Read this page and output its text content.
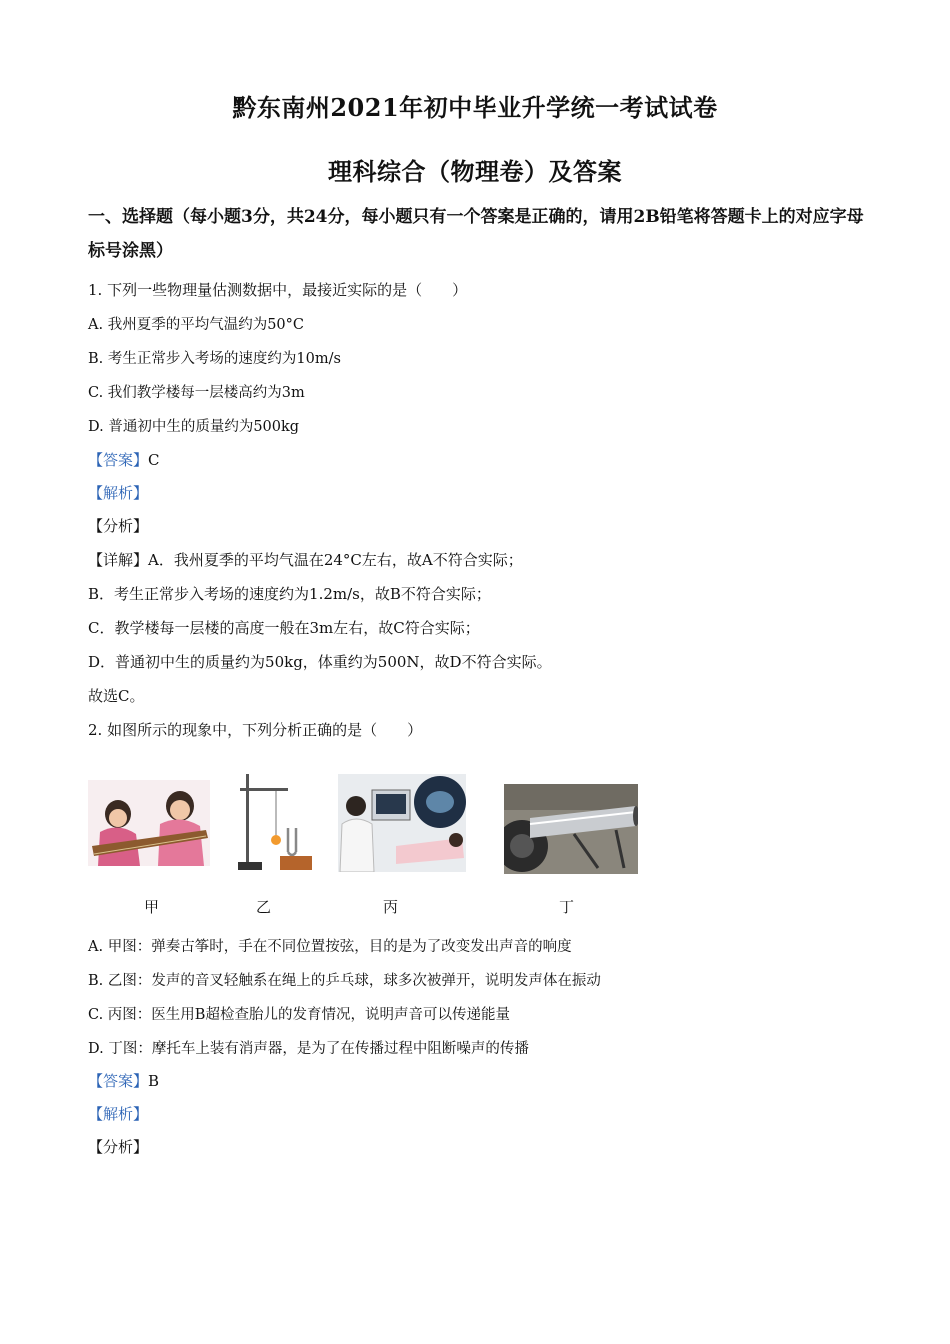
黔东南州2021年初中毕业升学统一考试试卷
理科综合（物理卷）及答案
一、选择题（每小题3分，共24分，每小题只有一个答案是正确的，请用2B铅笔将答题卡上的对应字母标号涂黑）
1. 下列一些物理量估测数据中，最接近实际的是（　　）
A. 我州夏季的平均气温约为50°C
B. 考生正常步入考场的速度约为10m/s
C. 我们教学楼每一层楼高约为3m
D. 普通初中生的质量约为500kg
【答案】C
【解析】
【分析】
【详解】A．我州夏季的平均气温在24°C左右，故A不符合实际；
B．考生正常步入考场的速度约为1.2m/s，故B不符合实际；
C．教学楼每一层楼的高度一般在3m左右，故C符合实际；
D．普通初中生的质量约为50kg，体重约为500N，故D不符合实际。
故选C。
2. 如图所示的现象中，下列分析正确的是（　　）
甲	乙	丙	丁
A. 甲图：弹奏古筝时，手在不同位置按弦，目的是为了改变发出声音的响度
B. 乙图：发声的音叉轻触系在绳上的乒乓球，球多次被弹开，说明发声体在振动
C. 丙图：医生用B超检查胎儿的发育情况，说明声音可以传递能量
D. 丁图：摩托车上装有消声器，是为了在传播过程中阻断噪声的传播
【答案】B
【解析】
【分析】
